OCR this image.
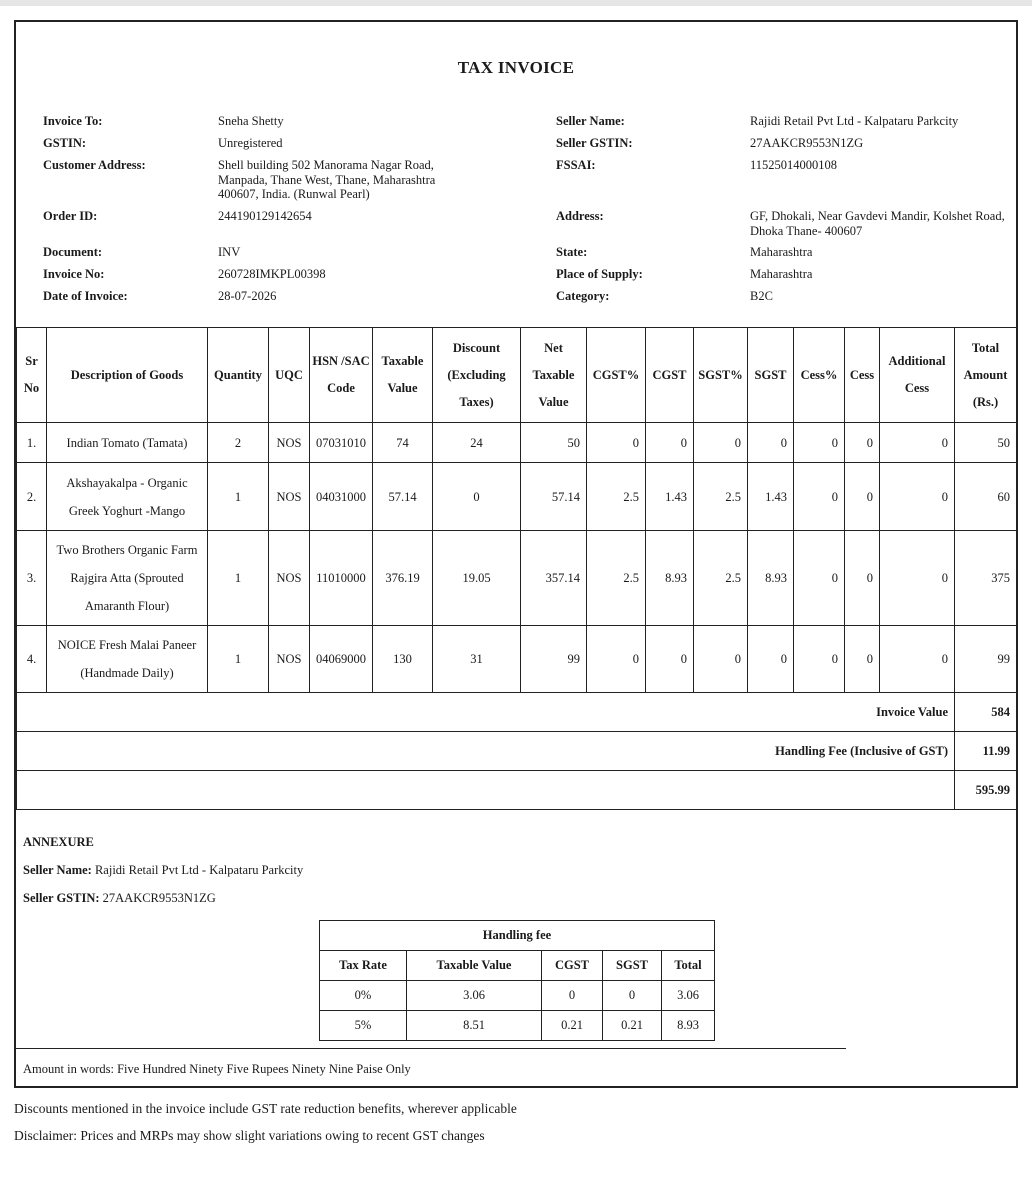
TAX INVOICE
Invoice To:	Sneha Shetty
GSTIN:	Unregistered
Customer Address:	Shell building 502 Manorama Nagar Road, Manpada, Thane West, Thane, Maharashtra 400607, India. (Runwal Pearl)
Order ID:	244190129142654
Document:	INV
Invoice No:	260728IMKPL00398
Date of Invoice:	28-07-2026
Seller Name:	Rajidi Retail Pvt Ltd - Kalpataru Parkcity
Seller GSTIN:	27AAKCR9553N1ZG
FSSAI:	11525014000108
Address:	GF, Dhokali, Near Gavdevi Mandir, Kolshet Road, Dhoka Thane- 400607
State:	Maharashtra
Place of Supply:	Maharashtra
Category:	B2C
Sr No	Description of Goods	Quantity	UQC	HSN /SAC Code	Taxable Value	Discount (Excluding Taxes)	Net Taxable Value	CGST%	CGST	SGST%	SGST	Cess%	Cess	Additional Cess	Total Amount (Rs.)
1.	Indian Tomato (Tamata)	2	NOS	07031010	74	24	50	0	0	0	0	0	0	0	50
2.	Akshayakalpa - Organic Greek Yoghurt -Mango	1	NOS	04031000	57.14	0	57.14	2.5	1.43	2.5	1.43	0	0	0	60
3.	Two Brothers Organic Farm Rajgira Atta (Sprouted Amaranth Flour)	1	NOS	11010000	376.19	19.05	357.14	2.5	8.93	2.5	8.93	0	0	0	375
4.	NOICE Fresh Malai Paneer (Handmade Daily)	1	NOS	04069000	130	31	99	0	0	0	0	0	0	0	99
Invoice Value															584
Handling Fee (Inclusive of GST)															11.99
															595.99
ANNEXURE
Seller Name: Rajidi Retail Pvt Ltd - Kalpataru Parkcity
Seller GSTIN: 27AAKCR9553N1ZG
Handling fee				
Tax Rate	Taxable Value	CGST	SGST	Total
0%	3.06	0	0	3.06
5%	8.51	0.21	0.21	8.93
Amount in words: Five Hundred Ninety Five Rupees Ninety Nine Paise Only
Discounts mentioned in the invoice include GST rate reduction benefits, wherever applicable
Disclaimer: Prices and MRPs may show slight variations owing to recent GST changes
